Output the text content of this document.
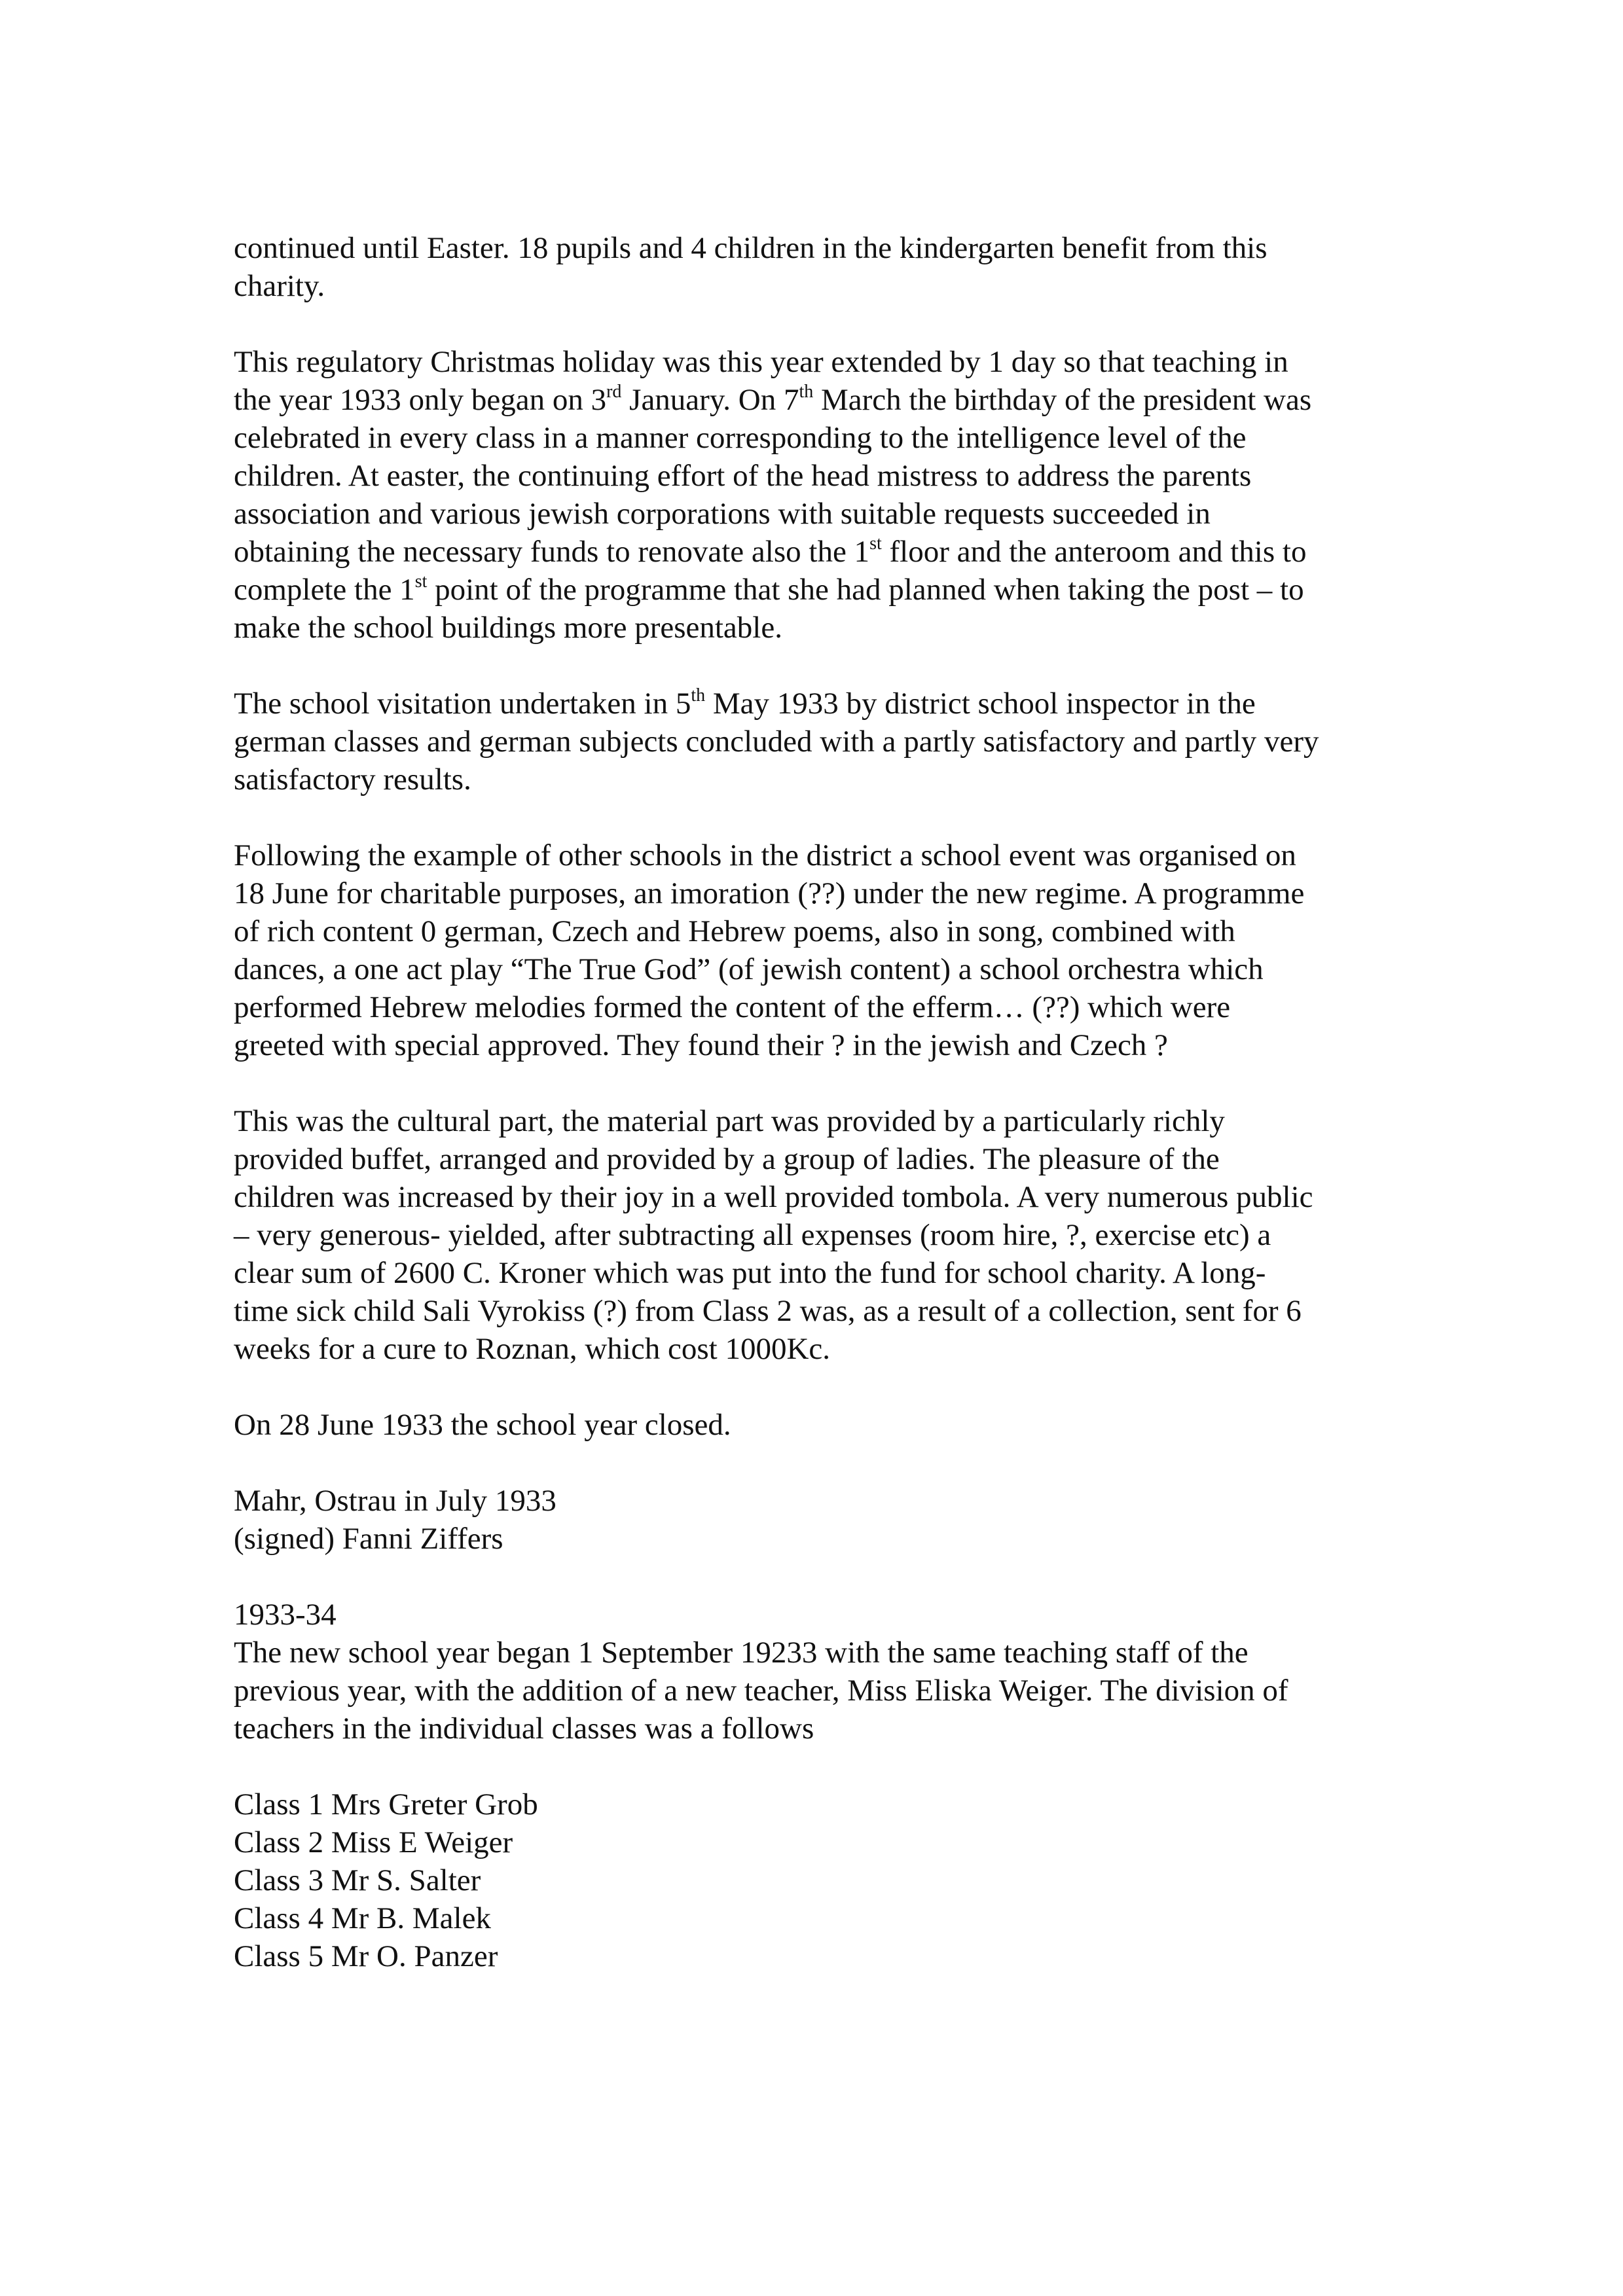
continued until Easter. 18 pupils and 4 children in the kindergarten benefit from this
charity.
This regulatory Christmas holiday was this year extended by 1 day so that teaching in
the year 1933 only began on 3rd January. On 7th March the birthday of the president was
celebrated in every class in a manner corresponding to the intelligence level of the
children. At easter, the continuing effort of the head mistress to address the parents
association and various jewish corporations with suitable requests succeeded in
obtaining the necessary funds to renovate also the 1st floor and the anteroom and this to
complete the 1st point of the programme that she had planned when taking the post – to
make the school buildings more presentable.
The school visitation undertaken in 5th May 1933 by district school inspector in the
german classes and german subjects concluded with a partly satisfactory and partly very
satisfactory results.
Following the example of other schools in the district a school event was organised on
18 June for charitable purposes, an imoration (??) under the new regime. A programme
of rich content 0 german, Czech and Hebrew poems, also in song, combined with
dances, a one act play “The True God” (of jewish content) a school orchestra which
performed Hebrew melodies formed the content of the efferm… (??) which were
greeted with special approved. They found their ? in the jewish and Czech ?
This was the cultural part, the material part was provided by a particularly richly
provided buffet, arranged and provided by a group of ladies. The pleasure of the
children was increased by their joy in a well provided tombola. A very numerous public
– very generous- yielded, after subtracting all expenses (room hire, ?, exercise etc) a
clear sum of 2600 C. Kroner which was put into the fund for school charity. A long-
time sick child Sali Vyrokiss (?) from Class 2 was, as a result of a collection, sent for 6
weeks for a cure to Roznan, which cost 1000Kc.
On 28 June 1933 the school year closed.
Mahr, Ostrau in July 1933
(signed) Fanni Ziffers
1933-34
The new school year began 1 September 19233 with the same teaching staff of the
previous year, with the addition of a new teacher, Miss Eliska Weiger. The division of
teachers in the individual classes was a follows
Class 1 Mrs Greter Grob
Class 2 Miss E Weiger
Class 3 Mr S. Salter
Class 4 Mr B. Malek
Class 5 Mr O. Panzer
